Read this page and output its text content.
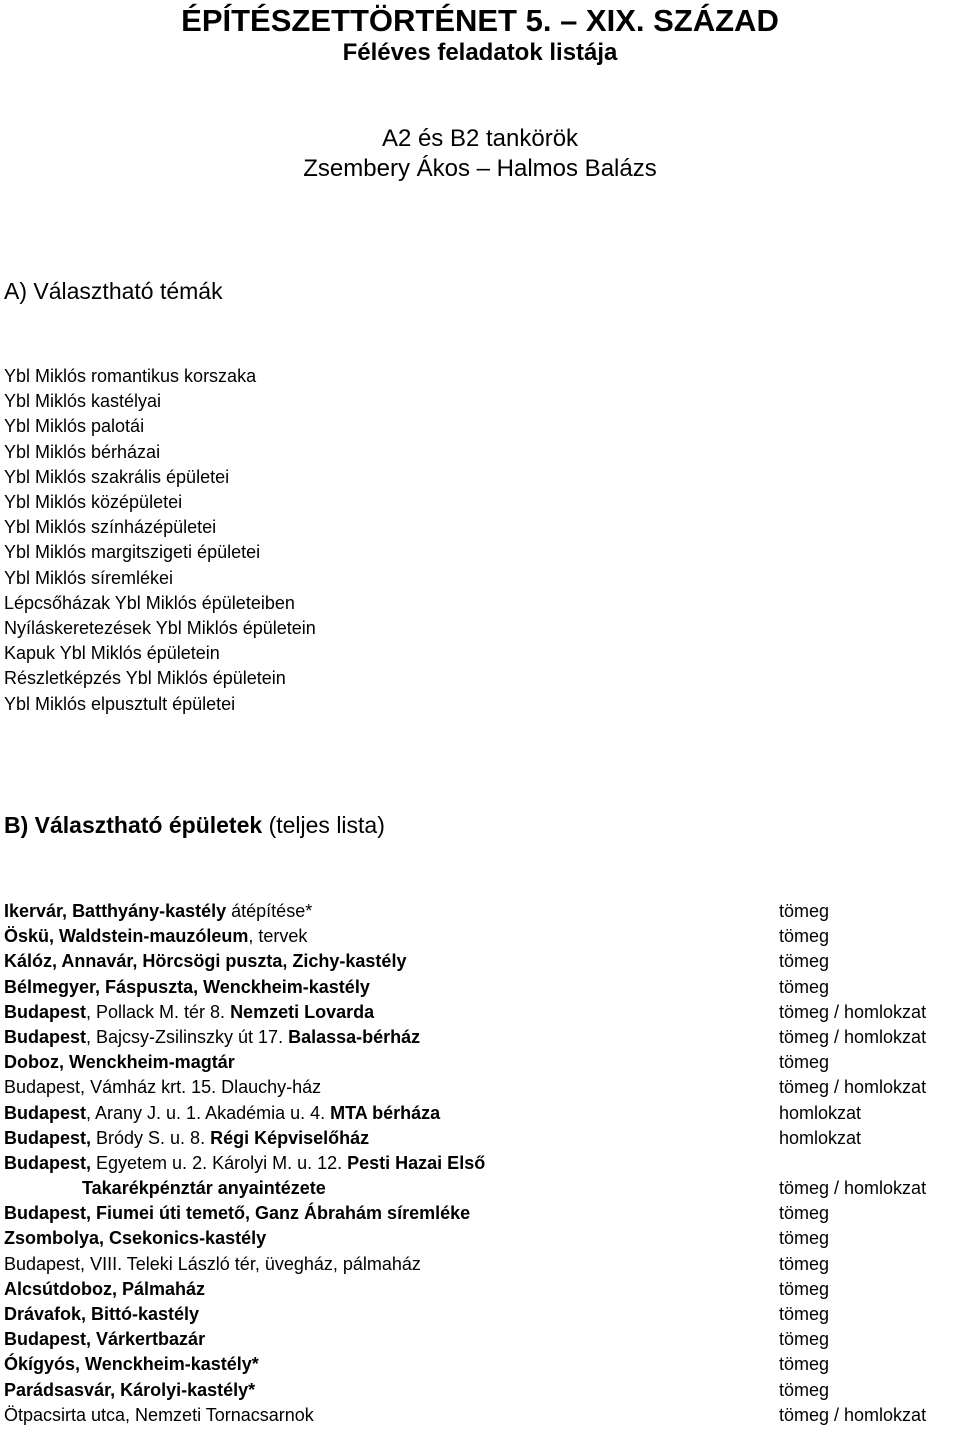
ÉPÍTÉSZETTÖRTÉNET 5. – XIX. SZÁZAD
Féléves feladatok listája
A2 és B2 tankörök
Zsembery Ákos – Halmos Balázs
A) Választható témák
Ybl Miklós romantikus korszaka
Ybl Miklós kastélyai
Ybl Miklós palotái
Ybl Miklós bérházai
Ybl Miklós szakrális épületei
Ybl Miklós középületei
Ybl Miklós színházépületei
Ybl Miklós margitszigeti épületei
Ybl Miklós síremlékei
Lépcsőházak Ybl Miklós épületeiben
Nyíláskeretezések Ybl Miklós épületein
Kapuk Ybl Miklós épületein
Részletképzés Ybl Miklós épületein
Ybl Miklós elpusztult épületei
B) Választható épületek (teljes lista)
Ikervár, Batthyány-kastély átépítése*	tömeg
Öskü, Waldstein-mauzóleum, tervek	tömeg
Kálóz, Annavár, Hörcsögi puszta, Zichy-kastély	tömeg
Bélmegyer, Fáspuszta, Wenckheim-kastély	tömeg
Budapest, Pollack M. tér 8. Nemzeti Lovarda	tömeg / homlokzat
Budapest, Bajcsy-Zsilinszky út 17. Balassa-bérház	tömeg / homlokzat
Doboz, Wenckheim-magtár	tömeg
Budapest, Vámház krt. 15. Dlauchy-ház	tömeg / homlokzat
Budapest, Arany J. u. 1. Akadémia u. 4. MTA bérháza	homlokzat
Budapest, Bródy S. u. 8. Régi Képviselőház	homlokzat
Budapest, Egyetem u. 2. Károlyi M. u. 12. Pesti Hazai Első
Takarékpénztár anyaintézete	tömeg / homlokzat
Budapest, Fiumei úti temető, Ganz Ábrahám síremléke	tömeg
Zsombolya, Csekonics-kastély	tömeg
Budapest, VIII. Teleki László tér, üvegház, pálmaház	tömeg
Alcsútdoboz, Pálmaház	tömeg
Drávafok, Bittó-kastély	tömeg
Budapest, Várkertbazár	tömeg
Ókígyós, Wenckheim-kastély*	tömeg
Parádsasvár, Károlyi-kastély*	tömeg
Ötpacsirta utca, Nemzeti Tornacsarnok	tömeg / homlokzat
